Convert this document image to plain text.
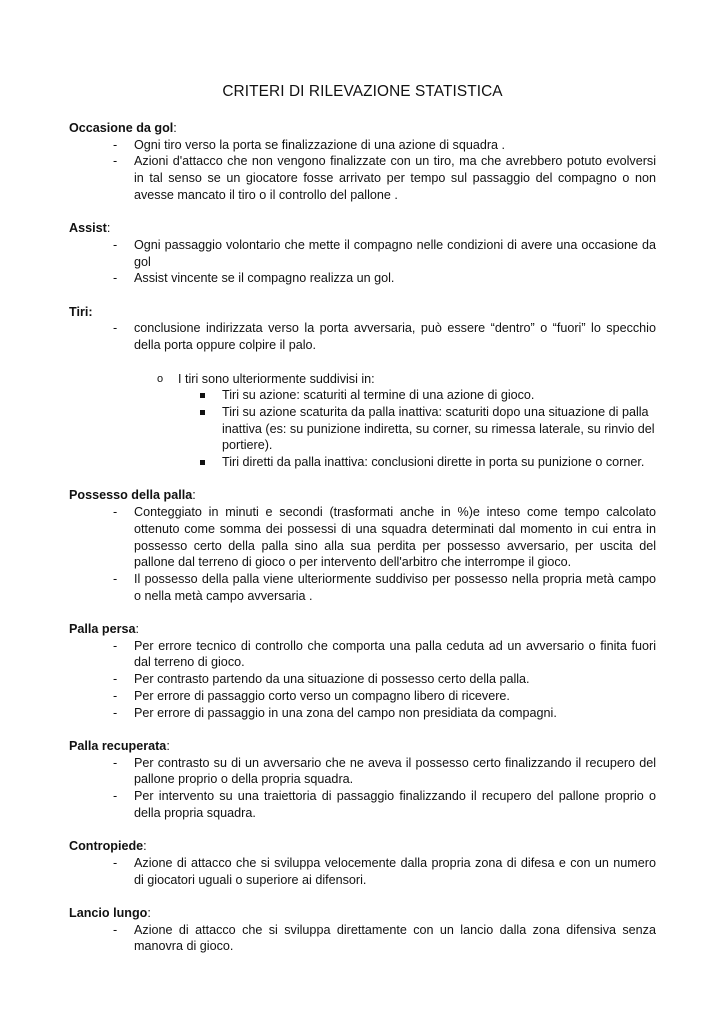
CRITERI DI RILEVAZIONE STATISTICA
Occasione da gol:
- Ogni tiro verso la porta se finalizzazione di una azione di squadra .
- Azioni d'attacco che non vengono finalizzate con un tiro, ma che avrebbero potuto evolversi in tal senso se un giocatore fosse arrivato per tempo sul passaggio del compagno o non avesse mancato il tiro o il controllo del pallone .
Assist:
- Ogni passaggio volontario che mette il compagno nelle condizioni di avere una occasione da gol
- Assist vincente se il compagno realizza un gol.
Tiri:
- conclusione indirizzata verso la porta avversaria, può essere “dentro” o “fuori” lo specchio della porta oppure colpire il palo.
o I tiri sono ulteriormente suddivisi in:
Tiri su azione: scaturiti al termine di una azione di gioco.
Tiri su azione scaturita da palla inattiva: scaturiti dopo una situazione di palla inattiva (es: su punizione indiretta, su corner, su rimessa laterale, su rinvio del portiere).
Tiri diretti da palla inattiva: conclusioni dirette in porta su punizione o corner.
Possesso della palla:
- Conteggiato in minuti e secondi (trasformati anche in %)e inteso come tempo calcolato ottenuto come somma dei possessi di una squadra determinati dal momento in cui entra in possesso certo della palla sino alla sua perdita per possesso avversario, per uscita del pallone dal terreno di gioco o per intervento dell'arbitro che interrompe il gioco.
- Il possesso della palla viene ulteriormente suddiviso per possesso nella propria metà campo o nella metà campo avversaria .
Palla persa:
- Per errore tecnico di controllo che comporta una palla ceduta ad un avversario o finita fuori dal terreno di gioco.
- Per contrasto partendo da una situazione di possesso certo della palla.
- Per errore di passaggio corto verso un compagno libero di ricevere.
- Per errore di passaggio in una zona del campo non presidiata da compagni.
Palla recuperata:
- Per contrasto su di un avversario che ne aveva il possesso certo finalizzando il recupero del pallone proprio o della propria squadra.
- Per intervento su una traiettoria di passaggio finalizzando il recupero del pallone proprio o della propria squadra.
Contropiede:
- Azione di attacco che si sviluppa velocemente dalla propria zona di difesa e con un numero di giocatori uguali o superiore ai difensori.
Lancio lungo:
- Azione di attacco che si sviluppa direttamente con un lancio dalla zona difensiva senza manovra di gioco.
